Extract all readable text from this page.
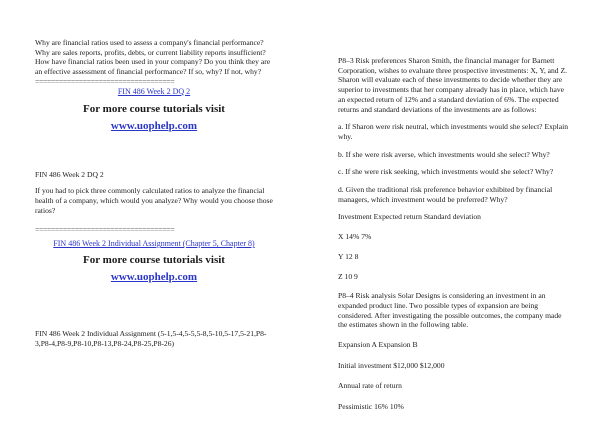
Why are financial ratios used to assess a company's financial performance? Why are sales reports, profits, debts, or current liability reports insufficient? How have financial ratios been used in your company? Do you think they are an effective assessment of financial performance? If so, why? If not, why?

===================================

FIN 486 Week 2 DQ 2

For more course tutorials visit

www.uophelp.com

FIN 486 Week 2 DQ 2

If you had to pick three commonly calculated ratios to analyze the financial health of a company, which would you analyze? Why would you choose those ratios?

===================================

FIN 486 Week 2 Individual Assignment (Chapter 5, Chapter 8)

For more course tutorials visit

www.uophelp.com

FIN 486 Week 2 Individual Assignment (5-1,5-4,5-5,5-8,5-10,5-17,5-21,P8-3,P8-4,P8-9,P8-10,P8-13,P8-24,P8-25,P8-26)

P8–3 Risk preferences Sharon Smith, the financial manager for Barnett Corporation, wishes to evaluate three prospective investments: X, Y, and Z. Sharon will evaluate each of these investments to decide whether they are superior to investments that her company already has in place, which have an expected return of 12% and a standard deviation of 6%. The expected returns and standard deviations of the investments are as follows:

a. If Sharon were risk neutral, which investments would she select? Explain why.

b. If she were risk averse, which investments would she select? Why?

c. If she were risk seeking, which investments would she select? Why?

d. Given the traditional risk preference behavior exhibited by financial managers, which investment would be preferred? Why?

Investment Expected return Standard deviation

X 14% 7%

Y 12 8

Z 10 9

P8–4 Risk analysis Solar Designs is considering an investment in an expanded product line. Two possible types of expansion are being considered. After investigating the possible outcomes, the company made the estimates shown in the following table.

Expansion A Expansion B

Initial investment $12,000 $12,000

Annual rate of return

Pessimistic 16% 10%
